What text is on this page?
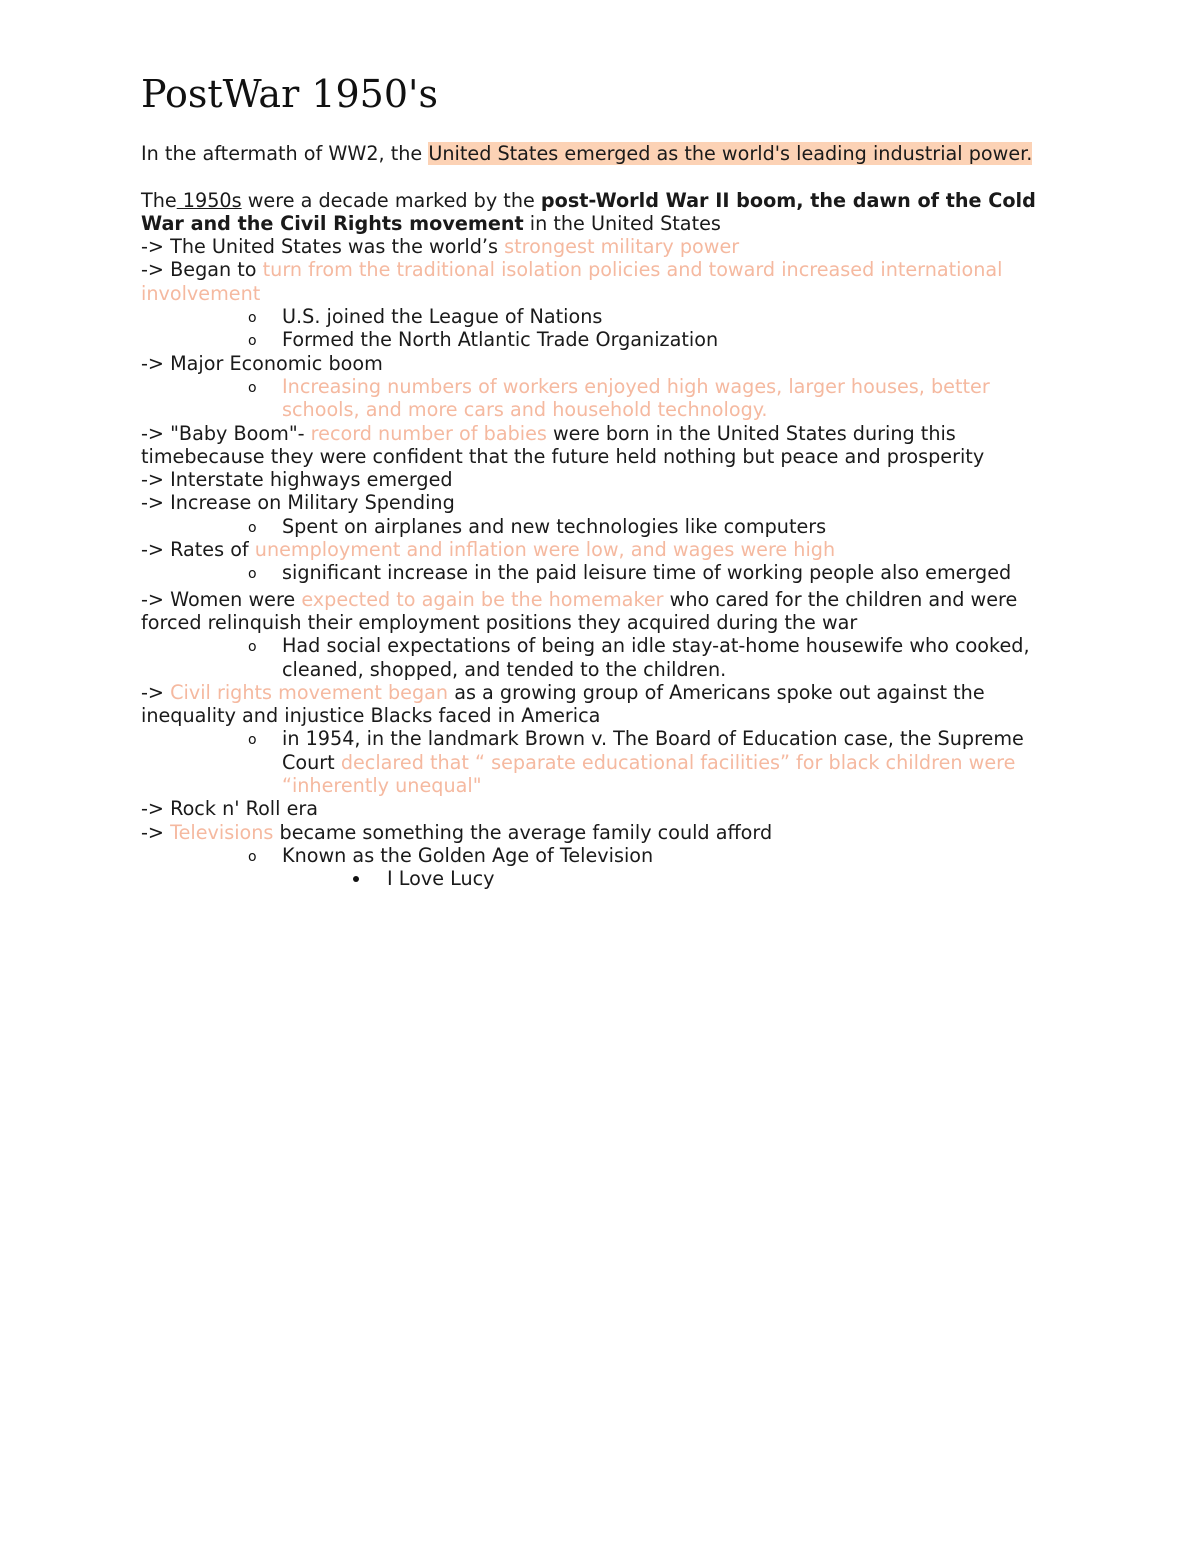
PostWar 1950's

In the aftermath of WW2, the United States emerged as the world's leading industrial power.

The 1950s were a decade marked by the post-World War II boom, the dawn of the Cold War and the Civil Rights movement in the United States

-> The United States was the world’s strongest military power

-> Began to turn from the traditional isolation policies and toward increased international involvement

o U.S. joined the League of Nations

o Formed the North Atlantic Trade Organization

-> Major Economic boom

o Increasing numbers of workers enjoyed high wages, larger houses, better schools, and more cars and household technology.

-> "Baby Boom"- record number of babies were born in the United States during this timebecause they were confident that the future held nothing but peace and prosperity

-> Interstate highways emerged

-> Increase on Military Spending

o Spent on airplanes and new technologies like computers

-> Rates of unemployment and inflation were low, and wages were high

o significant increase in the paid leisure time of working people also emerged

-> Women were expected to again be the homemaker who cared for the children and were forced relinquish their employment positions they acquired during the war

o Had social expectations of being an idle stay-at-home housewife who cooked, cleaned, shopped, and tended to the children.

-> Civil rights movement began as a growing group of Americans spoke out against the inequality and injustice Blacks faced in America

o in 1954, in the landmark Brown v. The Board of Education case, the Supreme Court declared that “ separate educational facilities” for black children were “inherently unequal"

-> Rock n' Roll era

-> Televisions became something the average family could afford

o Known as the Golden Age of Television

I Love Lucy
